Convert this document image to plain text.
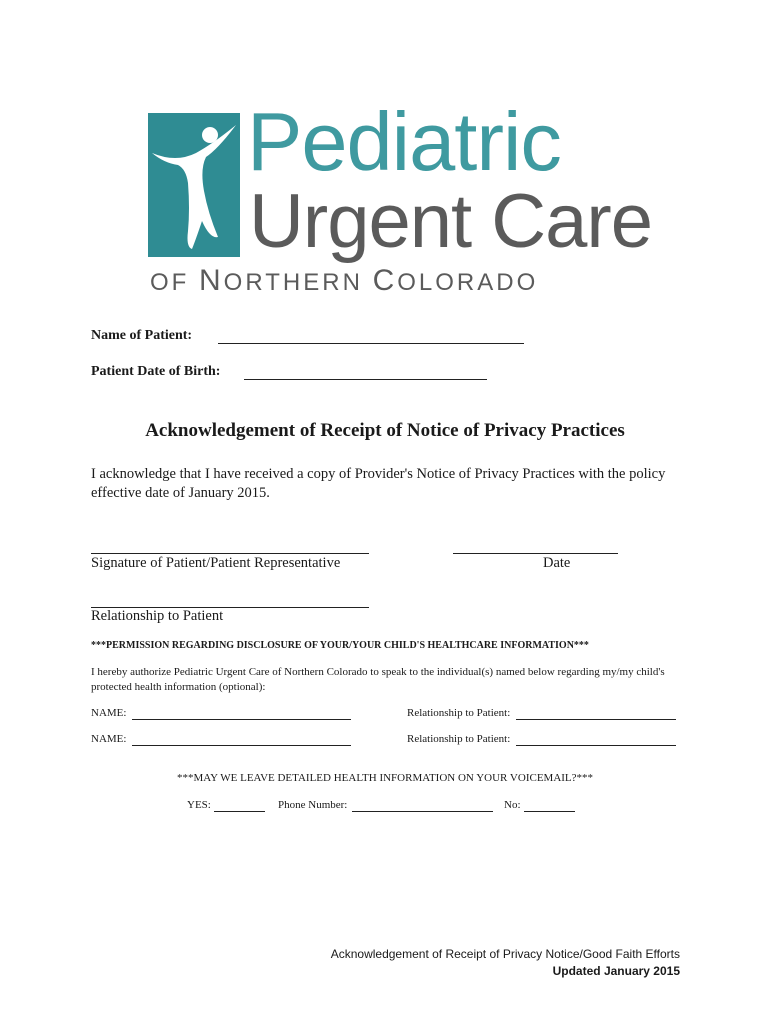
Pediatric
Urgent Care
OF NORTHERN COLORADO
Name of Patient:
Patient Date of Birth:
Acknowledgement of Receipt of Notice of Privacy Practices
I acknowledge that I have received a copy of Provider's Notice of Privacy Practices with the policy effective date of January 2015.
Signature of Patient/Patient Representative	Date
Relationship to Patient
***PERMISSION REGARDING DISCLOSURE OF YOUR/YOUR CHILD'S HEALTHCARE INFORMATION***
I hereby authorize Pediatric Urgent Care of Northern Colorado to speak to the individual(s) named below regarding my/my child's protected health information (optional):
NAME:	Relationship to Patient:
NAME:	Relationship to Patient:
***MAY WE LEAVE DETAILED HEALTH INFORMATION ON YOUR VOICEMAIL?***
YES:	Phone Number:	No:
Acknowledgement of Receipt of Privacy Notice/Good Faith Efforts
Updated January 2015
